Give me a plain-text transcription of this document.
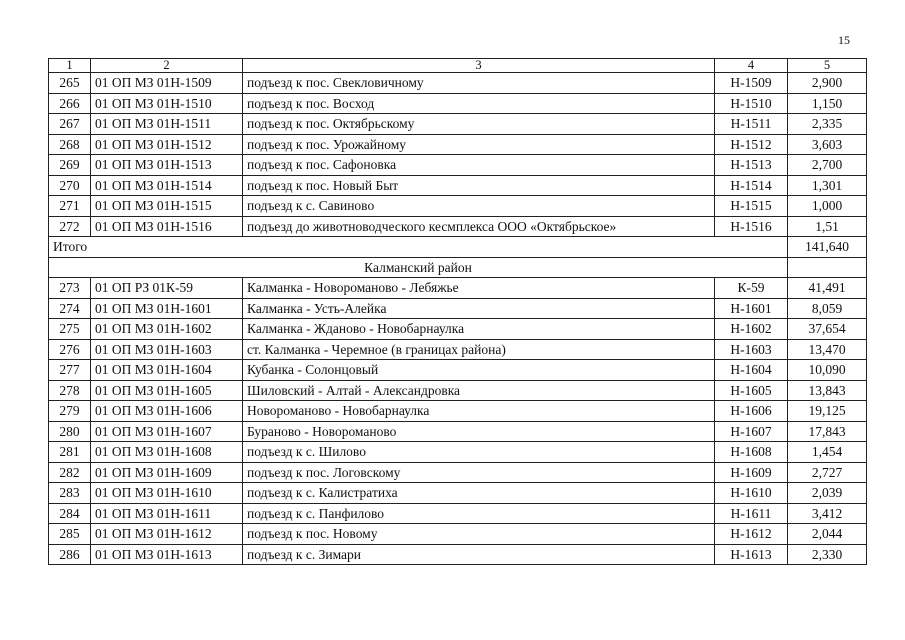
15
1	2	3	4	5
265	01 ОП МЗ 01Н-1509	подъезд к пос. Свекловичному	Н-1509	2,900
266	01 ОП МЗ 01Н-1510	подъезд к пос. Восход	Н-1510	1,150
267	01 ОП МЗ 01Н-1511	подъезд к пос. Октябрьскому	Н-1511	2,335
268	01 ОП МЗ 01Н-1512	подъезд к пос. Урожайному	Н-1512	3,603
269	01 ОП МЗ 01Н-1513	подъезд к пос. Сафоновка	Н-1513	2,700
270	01 ОП МЗ 01Н-1514	подъезд к пос. Новый Быт	Н-1514	1,301
271	01 ОП МЗ 01Н-1515	подъезд к с. Савиново	Н-1515	1,000
272	01 ОП МЗ 01Н-1516	подъезд до животноводческого кесмплекса ООО «Октябрьское»	Н-1516	1,51
Итого				141,640
Калманский район				
273	01 ОП РЗ 01К-59	Калманка - Новороманово - Лебяжье	К-59	41,491
274	01 ОП МЗ 01Н-1601	Калманка - Усть-Алейка	Н-1601	8,059
275	01 ОП МЗ 01Н-1602	Калманка - Жданово - Новобарнаулка	Н-1602	37,654
276	01 ОП МЗ 01Н-1603	ст. Калманка - Черемное (в границах района)	Н-1603	13,470
277	01 ОП МЗ 01Н-1604	Кубанка - Солонцовый	Н-1604	10,090
278	01 ОП МЗ 01Н-1605	Шиловский - Алтай - Александровка	Н-1605	13,843
279	01 ОП МЗ 01Н-1606	Новороманово - Новобарнаулка	Н-1606	19,125
280	01 ОП МЗ 01Н-1607	Бураново - Новороманово	Н-1607	17,843
281	01 ОП МЗ 01Н-1608	подъезд к с. Шилово	Н-1608	1,454
282	01 ОП МЗ 01Н-1609	подъезд к пос. Логовскому	Н-1609	2,727
283	01 ОП МЗ 01Н-1610	подъезд к с. Калистратиха	Н-1610	2,039
284	01 ОП МЗ 01Н-1611	подъезд к с. Панфилово	Н-1611	3,412
285	01 ОП МЗ 01Н-1612	подъезд к пос. Новому	Н-1612	2,044
286	01 ОП МЗ 01Н-1613	подъезд к с. Зимари	Н-1613	2,330
